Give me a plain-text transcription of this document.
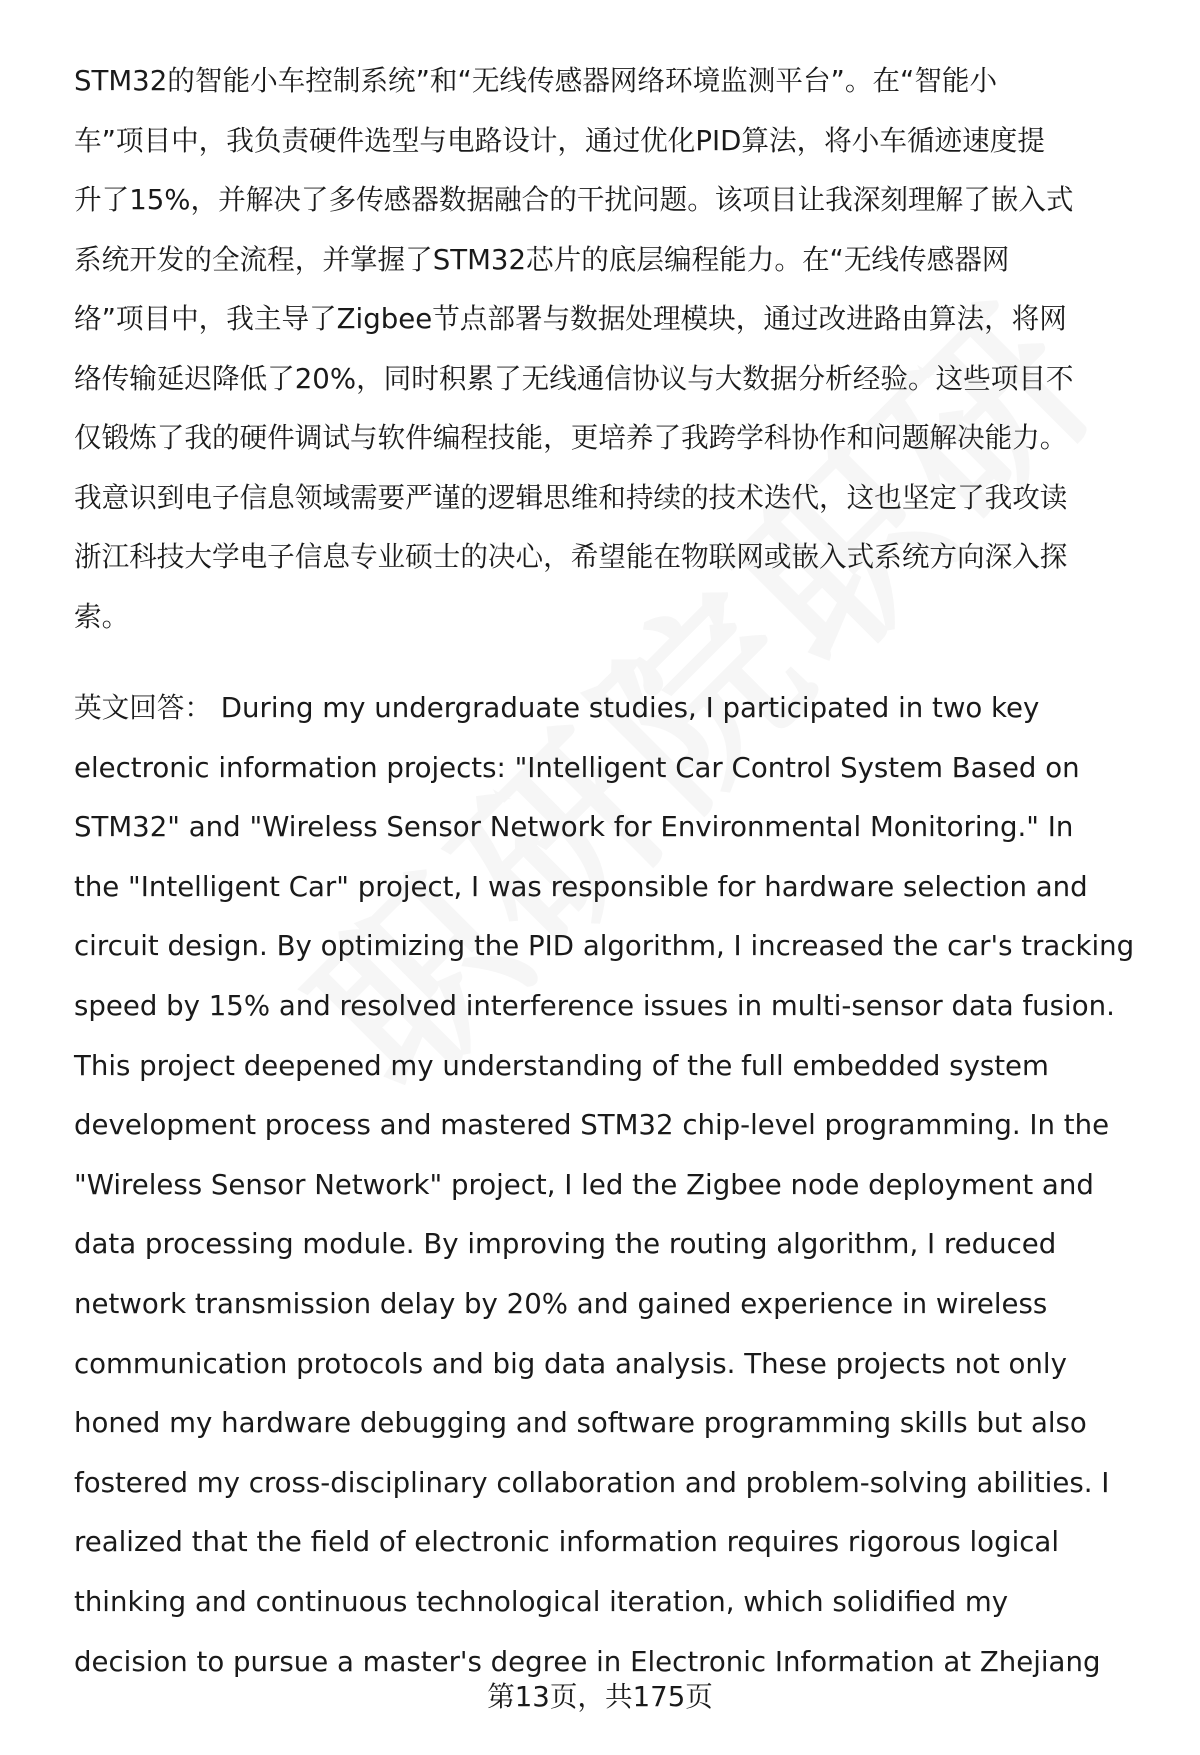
STM32的智能小车控制系统”和“无线传感器网络环境监测平台”。在“智能小
车”项目中，我负责硬件选型与电路设计，通过优化PID算法，将小车循迹速度提
升了15%，并解决了多传感器数据融合的干扰问题。该项目让我深刻理解了嵌入式
系统开发的全流程，并掌握了STM32芯片的底层编程能力。在“无线传感器网
络”项目中，我主导了Zigbee节点部署与数据处理模块，通过改进路由算法，将网
络传输延迟降低了20%，同时积累了无线通信协议与大数据分析经验。这些项目不
仅锻炼了我的硬件调试与软件编程技能，更培养了我跨学科协作和问题解决能力。
我意识到电子信息领域需要严谨的逻辑思维和持续的技术迭代，这也坚定了我攻读
浙江科技大学电子信息专业硕士的决心，希望能在物联网或嵌入式系统方向深入探
索。
英文回答： During my undergraduate studies, I participated in two key
electronic information projects: "Intelligent Car Control System Based on
STM32" and "Wireless Sensor Network for Environmental Monitoring." In
the "Intelligent Car" project, I was responsible for hardware selection and
circuit design. By optimizing the PID algorithm, I increased the car's tracking
speed by 15% and resolved interference issues in multi-sensor data fusion.
This project deepened my understanding of the full embedded system
development process and mastered STM32 chip-level programming. In the
"Wireless Sensor Network" project, I led the Zigbee node deployment and
data processing module. By improving the routing algorithm, I reduced
network transmission delay by 20% and gained experience in wireless
communication protocols and big data analysis. These projects not only
honed my hardware debugging and software programming skills but also
fostered my cross-disciplinary collaboration and problem-solving abilities. I
realized that the field of electronic information requires rigorous logical
thinking and continuous technological iteration, which solidified my
decision to pursue a master's degree in Electronic Information at Zhejiang
第13页，共175页
